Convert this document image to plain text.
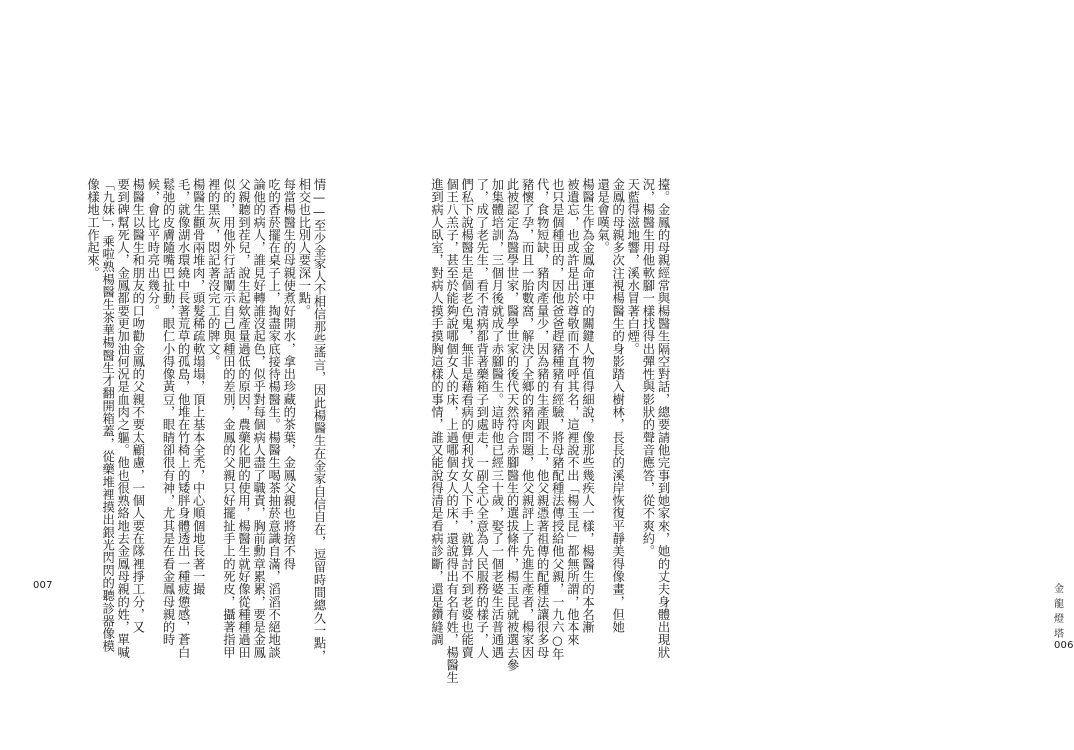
情——至少金家人不相信那些謠言，因此楊醫生在金家自信自在，逗留時間總久一點，
相交也比別人要深一點。
每當楊醫生的母親使煮好開水，拿出珍藏的茶葉，金鳳父親也將捨不得
吃的香菸擺在桌子上，掏盡家底接待楊醫生。楊醫生喝茶抽菸意識自滿，滔滔不絕地談
論他的病人，誰見好轉誰沒起色，似乎對每個病人盡了職責，胸前勳章累累，要是金鳳
父親聽到茬兒，說生起欸產量過低的原因，農藥化肥的使用，楊醫生就好像從種種過田
似的，用他外行話闡示自己與種田的差別，金鳳的父親只好擺扯手上的死皮，攝著指甲
裡的黑灰，悶記著沒完工的牌文。
楊醫生顴骨兩堆肉，頭髮稀疏軟塌塌，頂上基本全禿，中心順個地長著一撮
毛，就像湖水環繞中長著荒草的孤島，他堆在竹椅上的矮胖身體透出一種疲憊感，蒼白
鬆弛的皮膚隨嘴巴扯動，眼仁小得像黃豆，眼睛卻很有神，尤其是在看金鳳母親的時
候，會比平時亮出幾分。
楊醫生以醫生和朋友的口吻勸金鳳的父親不要太顧慮，一個人要在隊裡掙工分，又
要到碑幫死人，金鳳都要更加油何況是血肉之軀。他也很熟絡地去金鳳母親的姓，單喊
「九妹」，乘啦熟楊醫生茶華楊醫生才翻開箱蓋，從藥堆裡摸出銀光閃閃的聽診器像模
像樣地工作起來。
007	擡。金鳳的母親經常與楊醫生隔空對話，總要請他完事到她家來，她的丈夫身體出現狀
況，楊醫生用他軟腳一樣找得出彈性與影狀的聲音應答，從不爽約。
天藍得滋地響，溪水冒著白煙。
金鳳的母親多次注視楊醫生的身影踏入樹林，長長的溪岸恢復平靜美得像畫，但她
還是會嘆氣。
楊醫生作為金鳳命運中的關鍵人物值得細說，像那些幾疾人一樣，楊醫生的本名漸
被遺忘，也或許是出於尊敬而不直呼其名，這裡說不出「楊玉昆」都無所謂，他本來
也只是個種田的，因他爸爸趕豬種豬有經驗，將母豬配種法傳授給他父親，一九六○年
代，食物短缺，豬肉產量少，因為豬的生產跟不上，他父親憑著祖傳的配種法讓很多母
豬懷了孕，而且一胎數窩，解決了全鄉的豬肉問題，他父親評上了先進生產者，楊家因
此被認定為醫學世家，醫學世家的後代天然符合赤腳醫生的選拔條件，楊玉昆就被選去參
加集體培訓，三個月後就成了赤腳醫生。這時他已經三十歲，娶了一個老婆生活普通遇
了，成了老先生，看不清病都背著藥箱子到處走，一副全心全意為人民服務的樣子，人
們私下說楊醫生是個老色鬼，無非是藉看病的便利找女人下手，就算討不到老婆也能賣
個王八羔子，甚至於能夠說哪個女人的床，上過哪個女人的床，還說得出有名有姓，楊醫生
進到病人臥室，對病人摸手摸胸這樣的事情，誰又能說得清是看病診斷，還是鑽縫調	金龍燈塔006
